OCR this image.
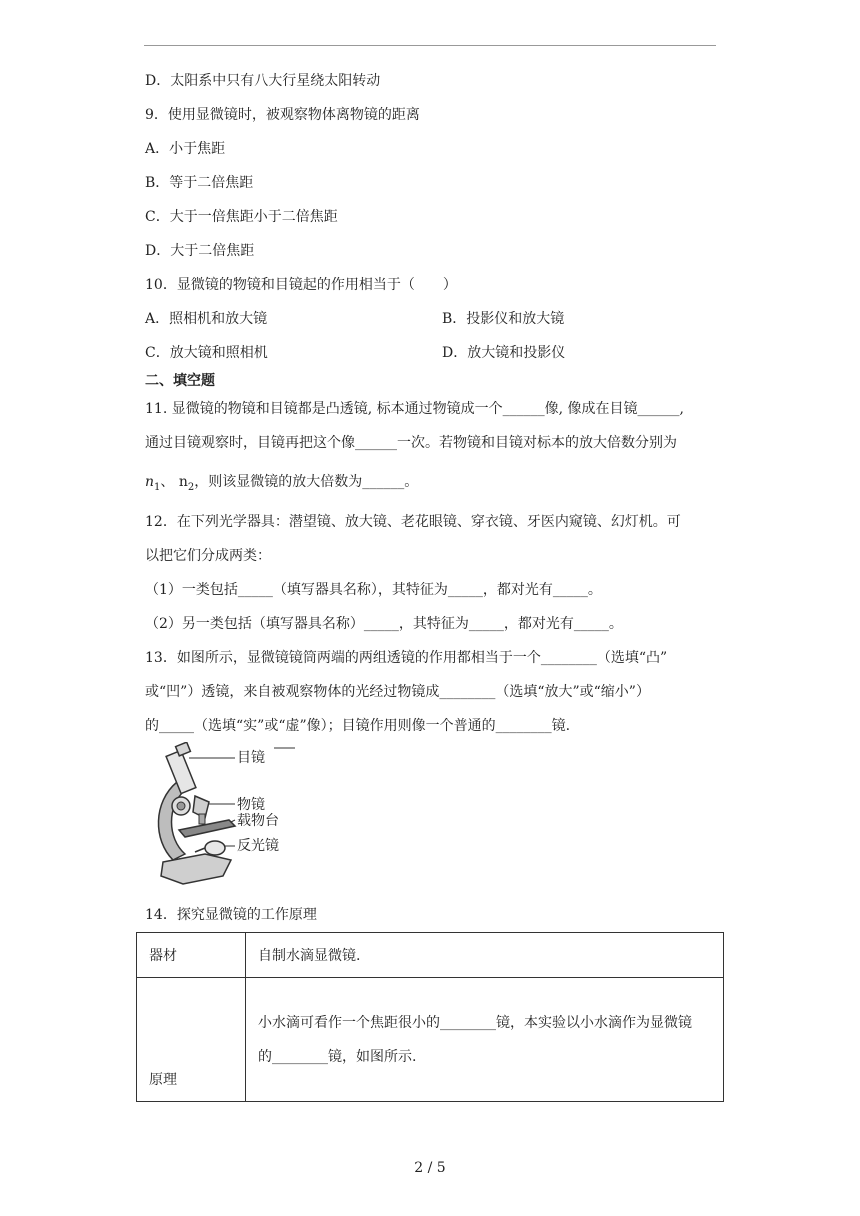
D．太阳系中只有八大行星绕太阳转动
9．使用显微镜时，被观察物体离物镜的距离
A．小于焦距
B．等于二倍焦距
C．大于一倍焦距小于二倍焦距
D．大于二倍焦距
10．显微镜的物镜和目镜起的作用相当于（　　）
A．照相机和放大镜	B．投影仪和放大镜
C．放大镜和照相机	D．放大镜和投影仪
二、填空题
11. 显微镜的物镜和目镜都是凸透镜, 标本通过物镜成一个______像, 像成在目镜______,
通过目镜观察时，目镜再把这个像______一次。若物镜和目镜对标本的放大倍数分别为
$n_1$、 $n_2$，则该显微镜的放大倍数为______。
12．在下列光学器具：潜望镜、放大镜、老花眼镜、穿衣镜、牙医内窥镜、幻灯机。可
以把它们分成两类：
（1）一类包括_____（填写器具名称），其特征为_____，都对光有_____。
（2）另一类包括（填写器具名称）_____，其特征为_____，都对光有_____。
13．如图所示，显微镜镜筒两端的两组透镜的作用都相当于一个________（选填“凸”
或“凹”）透镜，来自被观察物体的光经过物镜成________（选填“放大”或“缩小”）
的_____（选填“实”或“虚”像）；目镜作用则像一个普通的________镜.
目镜
物镜
载物台
反光镜
14．探究显微镜的工作原理
器材	自制水滴显微镜.
原理	小水滴可看作一个焦距很小的________镜，本实验以小水滴作为显微镜
的________镜，如图所示.
2 / 5
